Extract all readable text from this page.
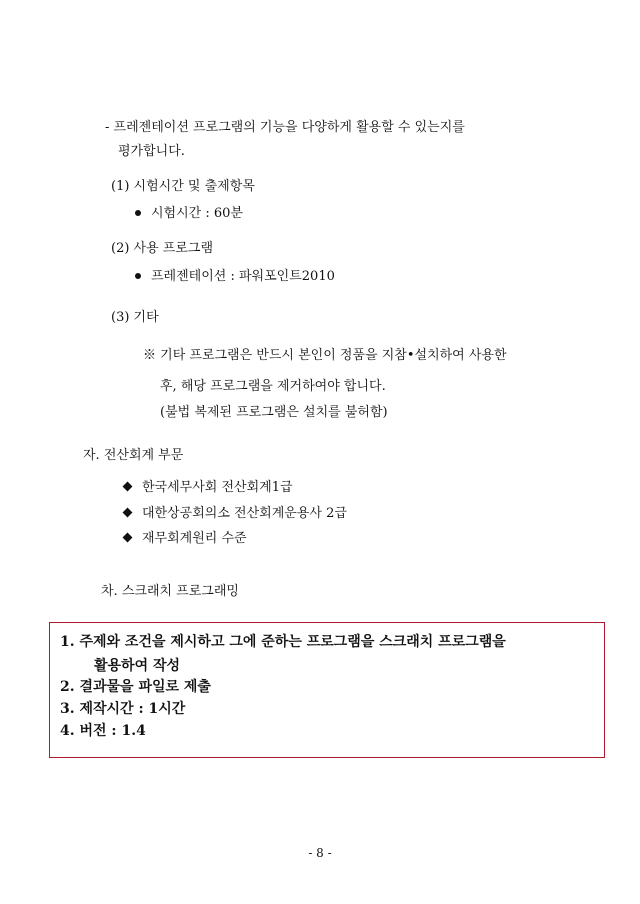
- 프레젠테이션 프로그램의 기능을 다양하게 활용할 수 있는지를
평가합니다.
(1) 시험시간 및 출제항목
시험시간 : 60분
(2) 사용 프로그램
프레젠테이션 : 파워포인트2010
(3) 기타
※ 기타 프로그램은 반드시 본인이 정품을 지참•설치하여 사용한
후, 해당 프로그램을 제거하여야 합니다.
(불법 복제된 프로그램은 설치를 불허함)
자. 전산회계 부문
한국세무사회 전산회계1급
대한상공회의소 전산회계운용사 2급
재무회계원리 수준
차. 스크래치 프로그래밍
1. 주제와 조건을 제시하고 그에 준하는 프로그램을 스크래치 프로그램을
활용하여 작성
2. 결과물을 파일로 제출
3. 제작시간 : 1시간
4. 버전 : 1.4
- 8 -
